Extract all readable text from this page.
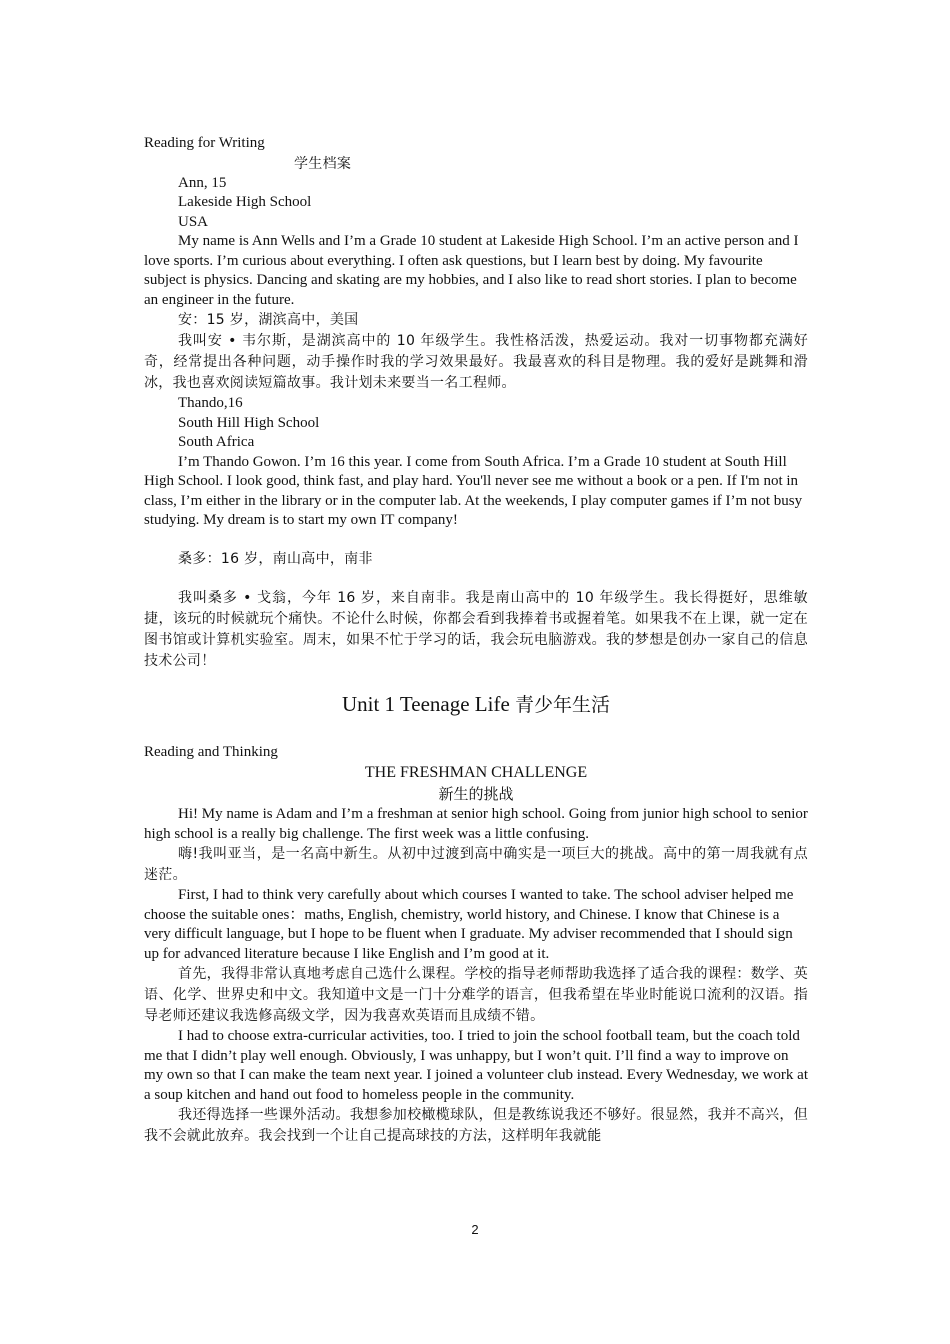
Reading for Writing

学生档案

Ann, 15

Lakeside High School

USA

My name is Ann Wells and I’m a Grade 10 student at Lakeside High School. I’m an active person and I love sports. I’m curious about everything. I often ask questions, but I learn best by doing. My favourite subject is physics. Dancing and skating are my hobbies, and I also like to read short stories. I plan to become an engineer in the future.

安：15 岁，湖滨高中，美国

我叫安 • 韦尔斯，是湖滨高中的 10 年级学生。我性格活泼，热爱运动。我对一切事物都充满好奇，经常提出各种问题，动手操作时我的学习效果最好。我最喜欢的科目是物理。我的爱好是跳舞和滑冰，我也喜欢阅读短篇故事。我计划未来要当一名工程师。

Thando,16

South Hill High School

South Africa

I’m Thando Gowon. I’m 16 this year. I come from South Africa. I’m a Grade 10 student at South Hill High School. I look good, think fast, and play hard. You'll never see me without a book or a pen. If I'm not in class, I’m either in the library or in the computer lab. At the weekends, I play computer games if I’m not busy studying. My dream is to start my own IT company!

桑多：16 岁，南山高中，南非

我叫桑多 • 戈翁，今年 16 岁，来自南非。我是南山高中的 10 年级学生。我长得挺好，思维敏捷，该玩的时候就玩个痛快。不论什么时候，你都会看到我捧着书或握着笔。如果我不在上课，就一定在图书馆或计算机实验室。周末，如果不忙于学习的话，我会玩电脑游戏。我的梦想是创办一家自己的信息技术公司！

Unit 1 Teenage Life 青少年生活

Reading and Thinking

THE FRESHMAN CHALLENGE

新生的挑战

Hi! My name is Adam and I’m a freshman at senior high school. Going from junior high school to senior high school is a really big challenge. The first week was a little confusing.

嗨!我叫亚当，是一名高中新生。从初中过渡到高中确实是一项巨大的挑战。高中的第一周我就有点迷茫。

First, I had to think very carefully about which courses I wanted to take. The school adviser helped me choose the suitable ones：maths, English, chemistry, world history, and Chinese. I know that Chinese is a very difficult language, but I hope to be fluent when I graduate. My adviser recommended that I should sign up for advanced literature because I like English and I’m good at it.

首先，我得非常认真地考虑自己选什么课程。学校的指导老师帮助我选择了适合我的课程：数学、英语、化学、世界史和中文。我知道中文是一门十分难学的语言，但我希望在毕业时能说口流利的汉语。指导老师还建议我选修高级文学，因为我喜欢英语而且成绩不错。

I had to choose extra-curricular activities, too. I tried to join the school football team, but the coach told me that I didn’t play well enough. Obviously, I was unhappy, but I won’t quit. I’ll find a way to improve on my own so that I can make the team next year. I joined a volunteer club instead. Every Wednesday, we work at a soup kitchen and hand out food to homeless people in the community.

我还得选择一些课外活动。我想参加校橄榄球队，但是教练说我还不够好。很显然，我并不高兴，但我不会就此放弃。我会找到一个让自己提高球技的方法，这样明年我就能

2
